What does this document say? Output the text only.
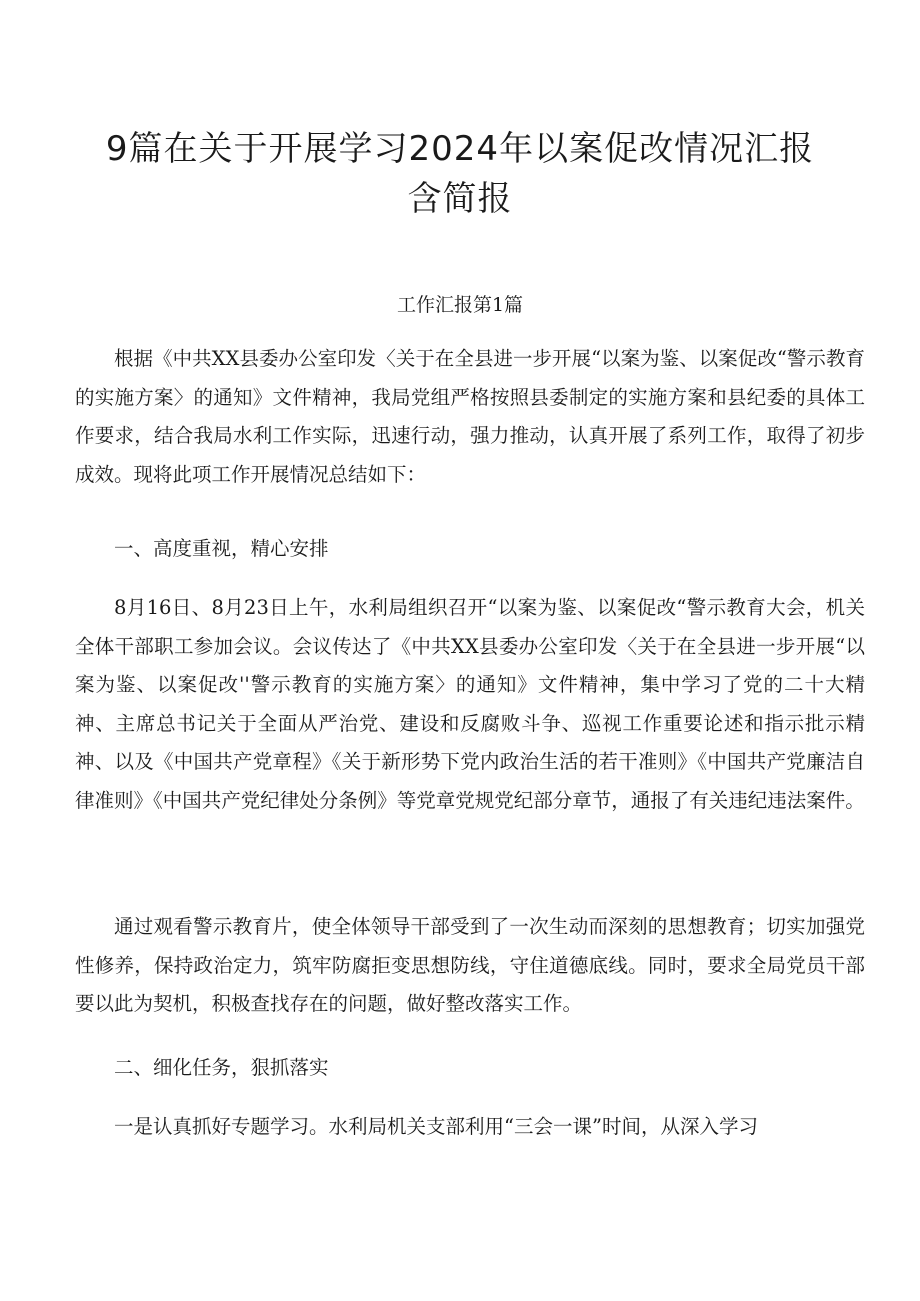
9篇在关于开展学习2024年以案促改情况汇报含简报

工作汇报第1篇

根据《中共XX县委办公室印发〈关于在全县进一步开展“以案为鉴、以案促改“警示教育的实施方案〉的通知》文件精神，我局党组严格按照县委制定的实施方案和县纪委的具体工作要求，结合我局水利工作实际，迅速行动，强力推动，认真开展了系列工作，取得了初步成效。现将此项工作开展情况总结如下：

一、高度重视，精心安排

8月16日、8月23日上午，水利局组织召开“以案为鉴、以案促改“警示教育大会，机关全体干部职工参加会议。会议传达了《中共XX县委办公室印发〈关于在全县进一步开展“以案为鉴、以案促改''警示教育的实施方案〉的通知》文件精神，集中学习了党的二十大精神、主席总书记关于全面从严治党、建设和反腐败斗争、巡视工作重要论述和指示批示精神、以及《中国共产党章程》《关于新形势下党内政治生活的若干准则》《中国共产党廉洁自律准则》《中国共产党纪律处分条例》等党章党规党纪部分章节，通报了有关违纪违法案件。

通过观看警示教育片，使全体领导干部受到了一次生动而深刻的思想教育；切实加强党性修养，保持政治定力，筑牢防腐拒变思想防线，守住道德底线。同时，要求全局党员干部要以此为契机，积极查找存在的问题，做好整改落实工作。

二、细化任务，狠抓落实

一是认真抓好专题学习。水利局机关支部利用“三会一课”时间，从深入学习
